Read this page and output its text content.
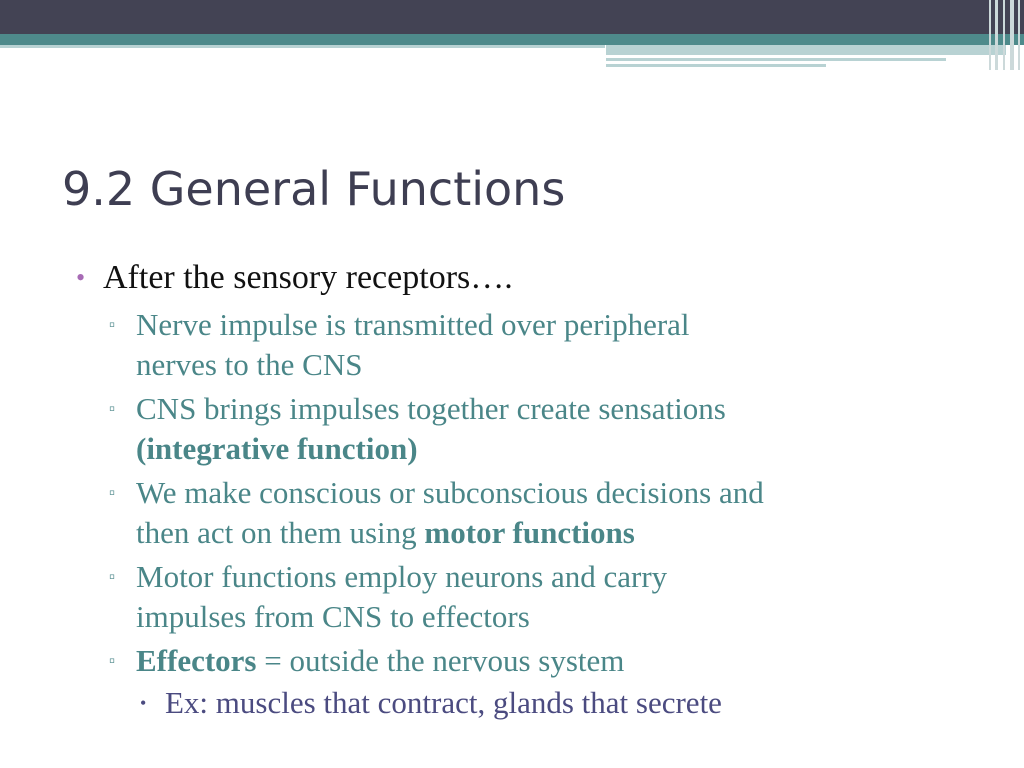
9.2 General Functions
• After the sensory receptors….
▫ Nerve impulse is transmitted over peripheral
nerves to the CNS
▫ CNS brings impulses together create sensations
(integrative function)
▫ We make conscious or subconscious decisions and
then act on them using motor functions
▫ Motor functions employ neurons and carry
impulses from CNS to effectors
▫ Effectors = outside the nervous system
• Ex: muscles that contract, glands that secrete
